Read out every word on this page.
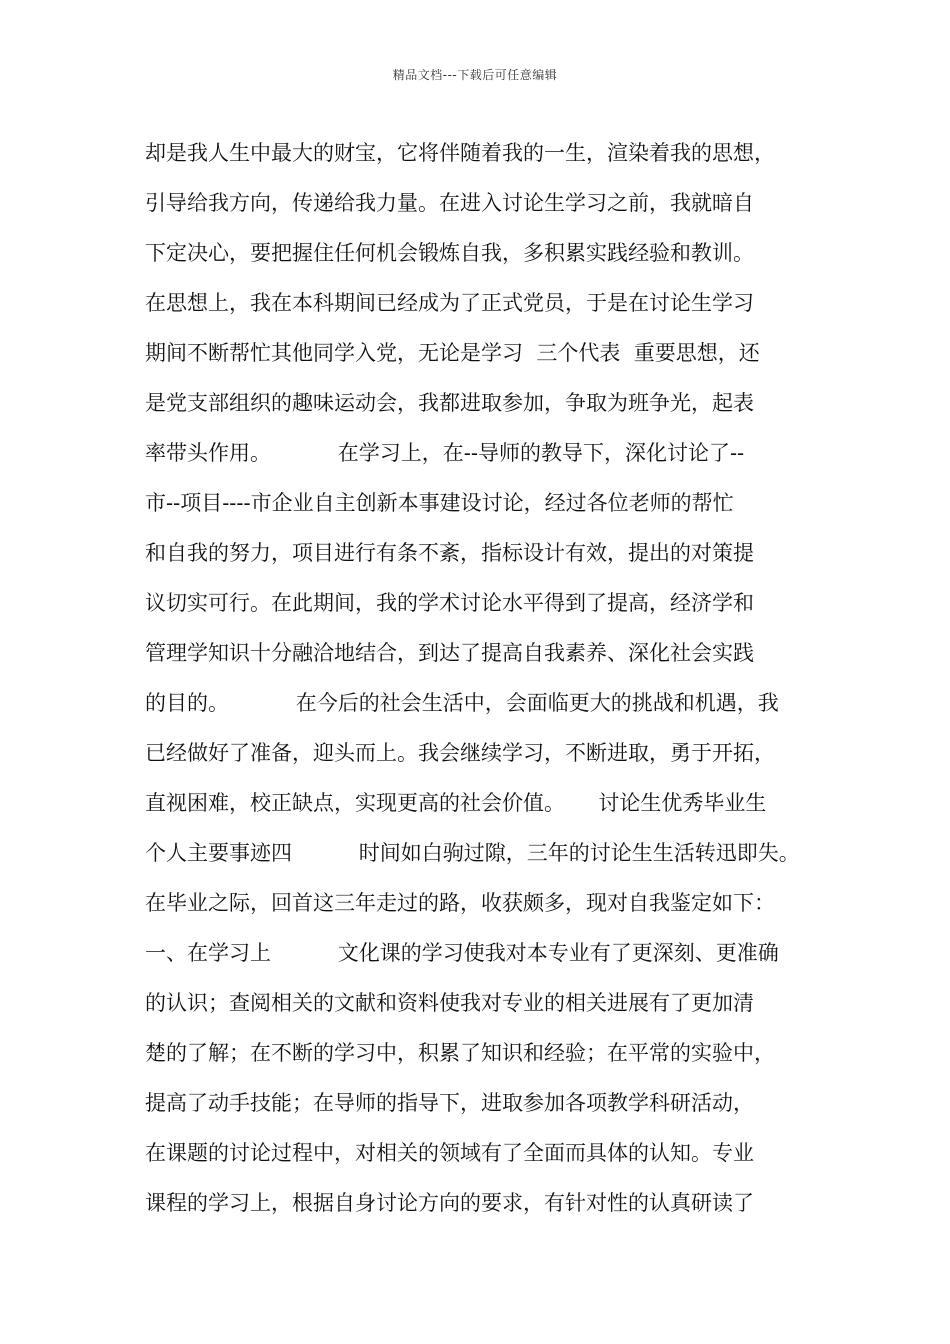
精品文档---下载后可任意编辑
却是我人生中最大的财宝，它将伴随着我的一生，渲染着我的思想，
引导给我方向，传递给我力量。在进入讨论生学习之前，我就暗自
下定决心，要把握住任何机会锻炼自我，多积累实践经验和教训。
在思想上，我在本科期间已经成为了正式党员，于是在讨论生学习
期间不断帮忙其他同学入党，无论是学习  三个代表  重要思想，还
是党支部组织的趣味运动会，我都进取参加，争取为班争光，起表
率带头作用。          在学习上，在--导师的教导下，深化讨论了--
市--项目----市企业自主创新本事建设讨论，经过各位老师的帮忙
和自我的努力，项目进行有条不紊，指标设计有效，提出的对策提
议切实可行。在此期间，我的学术讨论水平得到了提高，经济学和
管理学知识十分融洽地结合，到达了提高自我素养、深化社会实践
的目的。          在今后的社会生活中，会面临更大的挑战和机遇，我
已经做好了准备，迎头而上。我会继续学习，不断进取，勇于开拓，
直视困难，校正缺点，实现更高的社会价值。     讨论生优秀毕业生
个人主要事迹四          时间如白驹过隙，三年的讨论生生活转迅即失。
在毕业之际，回首这三年走过的路，收获颇多，现对自我鉴定如下：
一、在学习上          文化课的学习使我对本专业有了更深刻、更准确
的认识；查阅相关的文献和资料使我对专业的相关进展有了更加清
楚的了解；在不断的学习中，积累了知识和经验；在平常的实验中，
提高了动手技能；在导师的指导下，进取参加各项教学科研活动，
在课题的讨论过程中，对相关的领域有了全面而具体的认知。专业
课程的学习上，根据自身讨论方向的要求，有针对性的认真研读了
